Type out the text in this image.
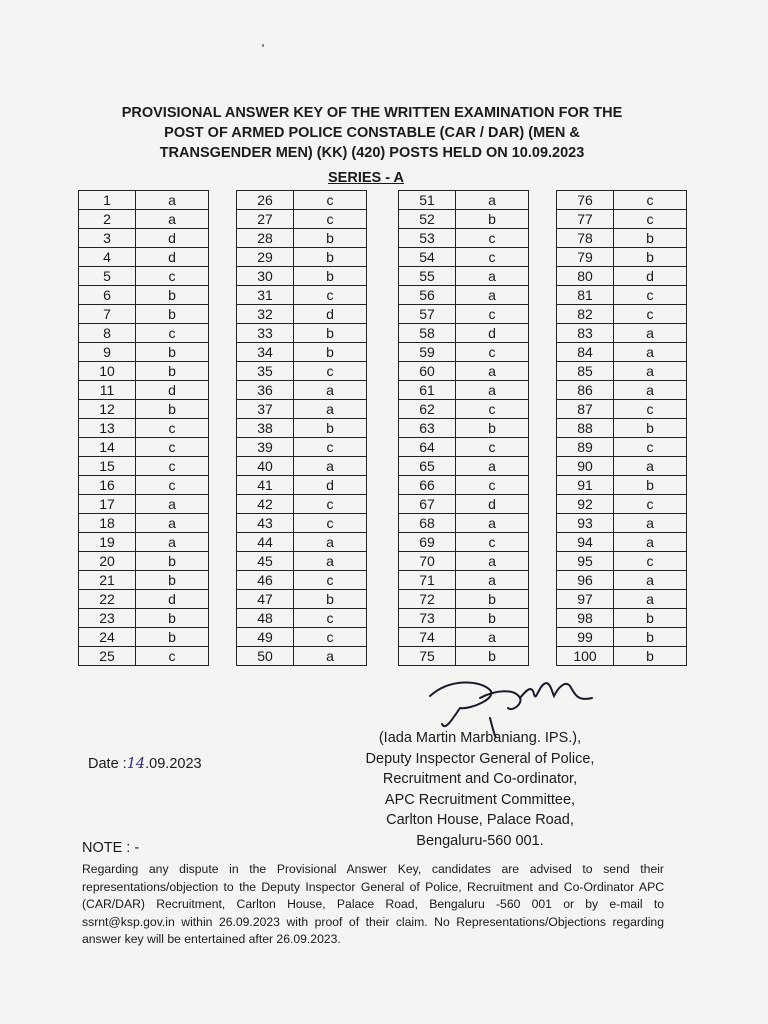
PROVISIONAL ANSWER KEY OF THE WRITTEN EXAMINATION FOR THE
POST OF ARMED POLICE CONSTABLE (CAR / DAR) (MEN &
TRANSGENDER MEN) (KK) (420) POSTS HELD ON 10.09.2023
SERIES - A
1	a
2	a
3	d
4	d
5	c
6	b
7	b
8	c
9	b
10	b
11	d
12	b
13	c
14	c
15	c
16	c
17	a
18	a
19	a
20	b
21	b
22	d
23	b
24	b
25	c
26	c
27	c
28	b
29	b
30	b
31	c
32	d
33	b
34	b
35	c
36	a
37	a
38	b
39	c
40	a
41	d
42	c
43	c
44	a
45	a
46	c
47	b
48	c
49	c
50	a
51	a
52	b
53	c
54	c
55	a
56	a
57	c
58	d
59	c
60	a
61	a
62	c
63	b
64	c
65	a
66	c
67	d
68	a
69	c
70	a
71	a
72	b
73	b
74	a
75	b
76	c
77	c
78	b
79	b
80	d
81	c
82	c
83	a
84	a
85	a
86	a
87	c
88	b
89	c
90	a
91	b
92	c
93	a
94	a
95	c
96	a
97	a
98	b
99	b
100	b
Date :14.09.2023
(Iada Martin Marbaniang. IPS.),
Deputy Inspector General of Police,
Recruitment and Co-ordinator,
APC Recruitment Committee,
Carlton House, Palace Road,
Bengaluru-560 001.
NOTE : -
Regarding any dispute in the Provisional Answer Key, candidates are advised to send their representations/objection to the Deputy Inspector General of Police, Recruitment and Co-Ordinator APC (CAR/DAR) Recruitment, Carlton House, Palace Road, Bengaluru -560 001 or by e-mail to ssrnt@ksp.gov.in within 26.09.2023 with proof of their claim. No Representations/Objections regarding answer key will be entertained after 26.09.2023.
